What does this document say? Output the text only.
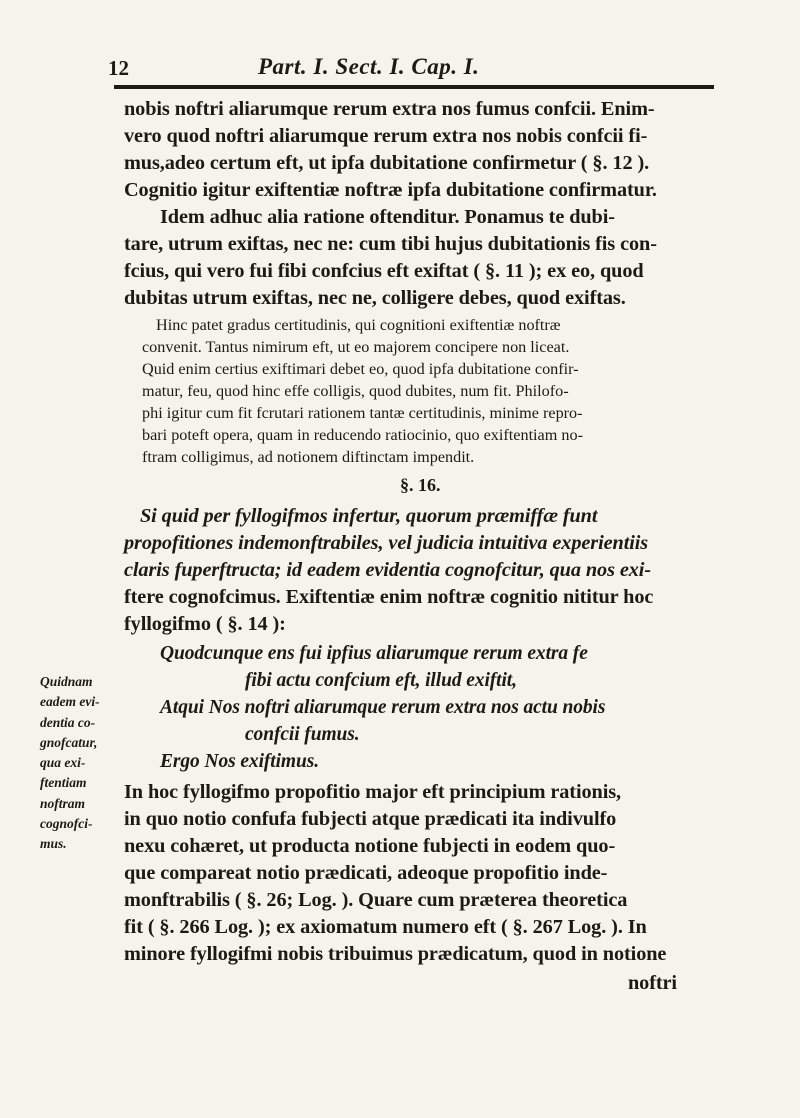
12	Part. I. Sect. I. Cap. I.
nobis noftri aliarumque rerum extra nos fumus confcii. Enim-
vero quod noftri aliarumque rerum extra nos nobis confcii fi-
mus,adeo certum eft, ut ipfa dubitatione confirmetur ( §. 12 ).
Cognitio igitur exiftentiæ noftræ ipfa dubitatione confirmatur.
Idem adhuc alia ratione oftenditur. Ponamus te dubi-
tare, utrum exiftas, nec ne: cum tibi hujus dubitationis fis con-
fcius, qui vero fui fibi confcius eft exiftat ( §. 11 ); ex eo, quod
dubitas utrum exiftas, nec ne, colligere debes, quod exiftas.
Hinc patet gradus certitudinis, qui cognitioni exiftentiæ noftræ
convenit. Tantus nimirum eft, ut eo majorem concipere non liceat.
Quid enim certius exiftimari debet eo, quod ipfa dubitatione confir-
matur, feu, quod hinc effe colligis, quod dubites, num fit. Philofo-
phi igitur cum fit fcrutari rationem tantæ certitudinis, minime repro-
bari poteft opera, quam in reducendo ratiocinio, quo exiftentiam no-
ftram colligimus, ad notionem diftinctam impendit.
§. 16.
Quidnam
eadem evi-
dentia co-
gnofcatur,
qua exi-
ftentiam
noftram
cognofci-
mus.
Si quid per fyllogifmos infertur, quorum præmiffæ funt
propofitiones indemonftrabiles, vel judicia intuitiva experientiis
claris fuperftructa; id eadem evidentia cognofcitur, qua nos exi-
ftere cognofcimus. Exiftentiæ enim noftræ cognitio nititur hoc
fyllogifmo ( §. 14 ):
Quodcunque ens fui ipfius aliarumque rerum extra fe
fibi actu confcium eft, illud exiftit,
Atqui Nos noftri aliarumque rerum extra nos actu nobis
confcii fumus.
Ergo Nos exiftimus.
In hoc fyllogifmo propofitio major eft principium rationis,
in quo notio confufa fubjecti atque prædicati ita indivulfo
nexu cohæret, ut producta notione fubjecti in eodem quo-
que compareat notio prædicati, adeoque propofitio inde-
monftrabilis ( §. 26; Log. ). Quare cum præterea theoretica
fit ( §. 266 Log. ); ex axiomatum numero eft ( §. 267 Log. ). In
minore fyllogifmi nobis tribuimus prædicatum, quod in notione
noftri
